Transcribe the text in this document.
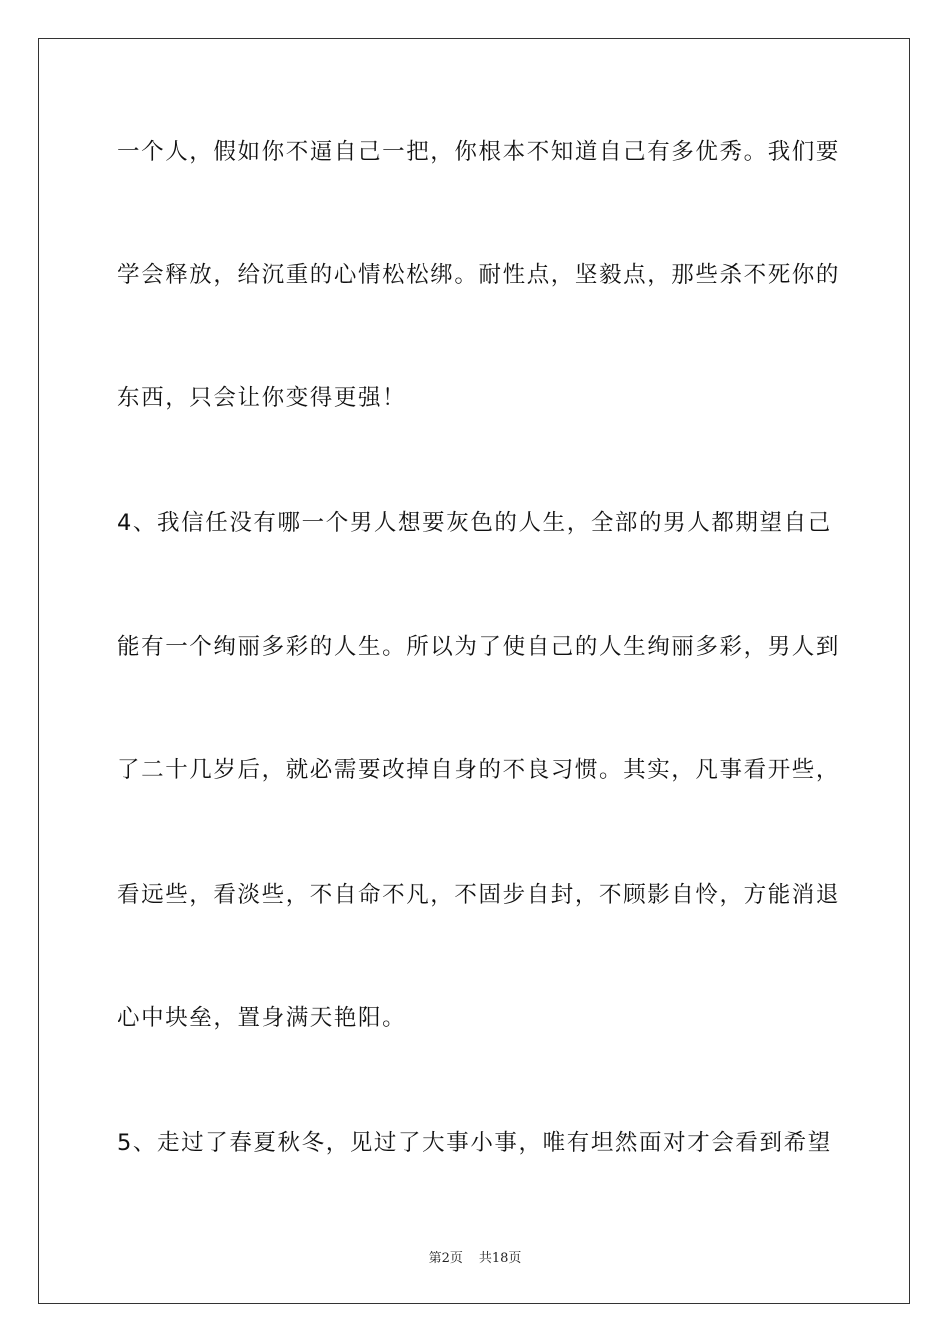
一个人，假如你不逼自己一把，你根本不知道自己有多优秀。我们要
学会释放，给沉重的心情松松绑。耐性点，坚毅点，那些杀不死你的
东西，只会让你变得更强！
4、我信任没有哪一个男人想要灰色的人生，全部的男人都期望自己
能有一个绚丽多彩的人生。所以为了使自己的人生绚丽多彩，男人到
了二十几岁后，就必需要改掉自身的不良习惯。其实，凡事看开些，
看远些，看淡些，不自命不凡，不固步自封，不顾影自怜，方能消退
心中块垒，置身满天艳阳。
5、走过了春夏秋冬，见过了大事小事，唯有坦然面对才会看到希望
第2页 共18页
